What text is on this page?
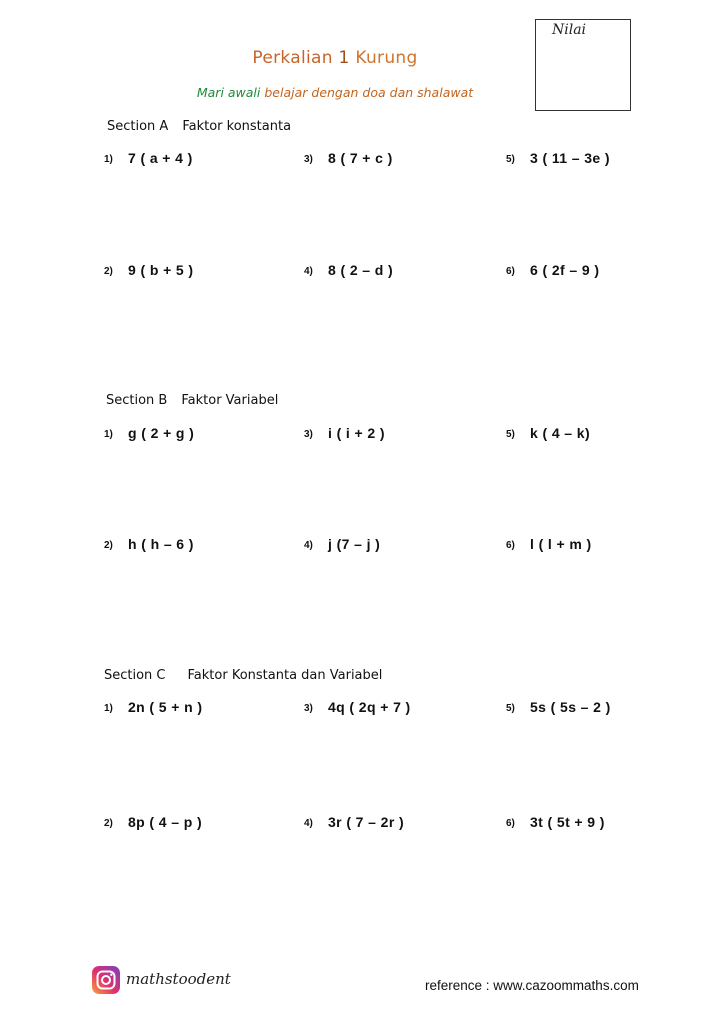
Perkalian 1 Kurung
Mari awali belajar dengan doa dan shalawat
Nilai
Section A Faktor konstanta
1) 7 ( a + 4 )	3) 8 ( 7 + c )	5) 3 ( 11 – 3e )
2) 9 ( b + 5 )	4) 8 ( 2 – d )	6) 6 ( 2f – 9 )
Section B Faktor Variabel
1) g ( 2 + g )	3) i ( i + 2 )	5) k ( 4 – k)
2) h ( h – 6 )	4) j (7 – j )	6) l ( l + m )
Section C Faktor Konstanta dan Variabel
1) 2n ( 5 + n )	3) 4q ( 2q + 7 )	5) 5s ( 5s – 2 )
2) 8p ( 4 – p )	4) 3r ( 7 – 2r )	6) 3t ( 5t + 9 )
mathstoodent	reference : www.cazoommaths.com
